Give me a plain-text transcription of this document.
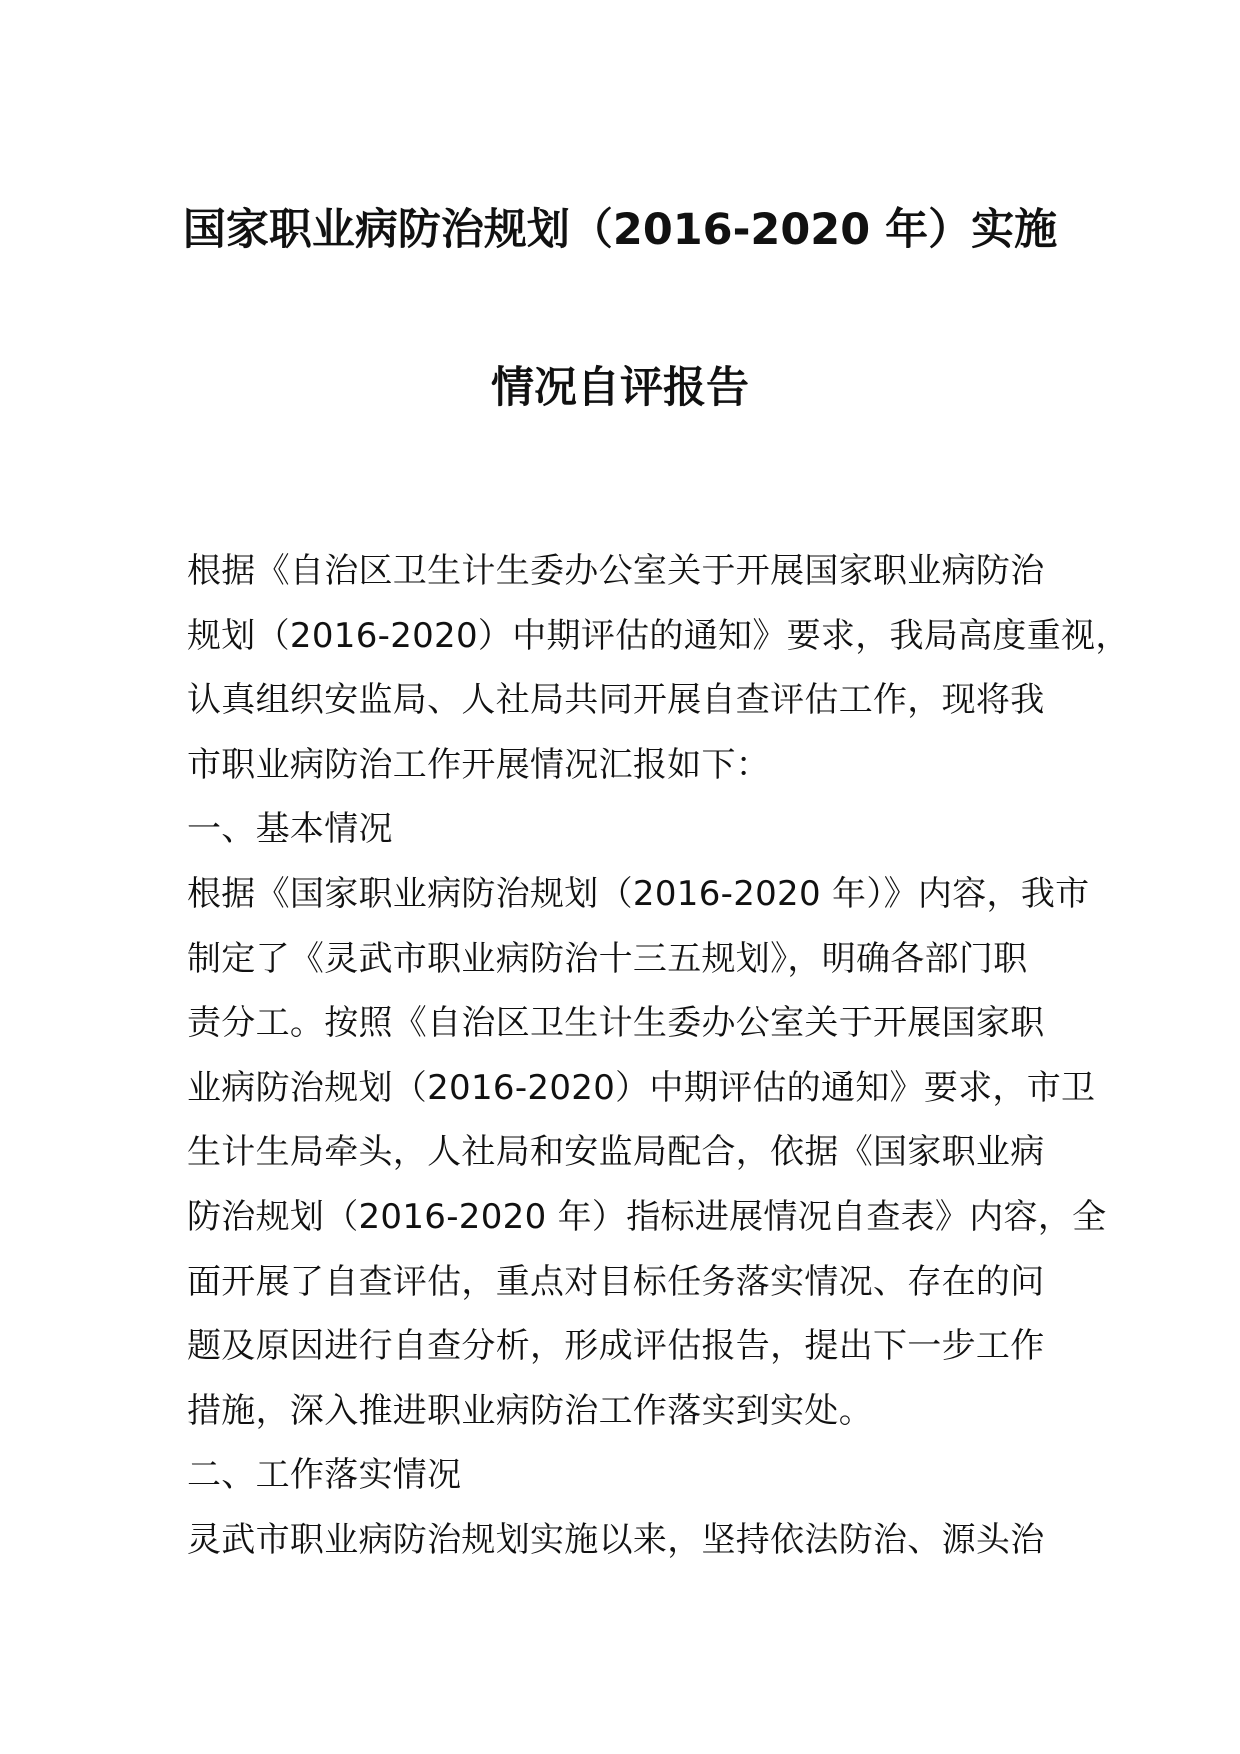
国家职业病防治规划（2016-2020 年）实施
情况自评报告
根据《自治区卫生计生委办公室关于开展国家职业病防治
规划（2016-2020）中期评估的通知》要求，我局高度重视，
认真组织安监局、人社局共同开展自查评估工作，现将我
市职业病防治工作开展情况汇报如下：
一、基本情况
根据《国家职业病防治规划（2016-2020 年）》内容，我市
制定了《灵武市职业病防治十三五规划》，明确各部门职
责分工。按照《自治区卫生计生委办公室关于开展国家职
业病防治规划（2016-2020）中期评估的通知》要求，市卫
生计生局牵头，人社局和安监局配合，依据《国家职业病
防治规划（2016-2020 年）指标进展情况自查表》内容，全
面开展了自查评估，重点对目标任务落实情况、存在的问
题及原因进行自查分析，形成评估报告，提出下一步工作
措施，深入推进职业病防治工作落实到实处。
二、工作落实情况
灵武市职业病防治规划实施以来，坚持依法防治、源头治
